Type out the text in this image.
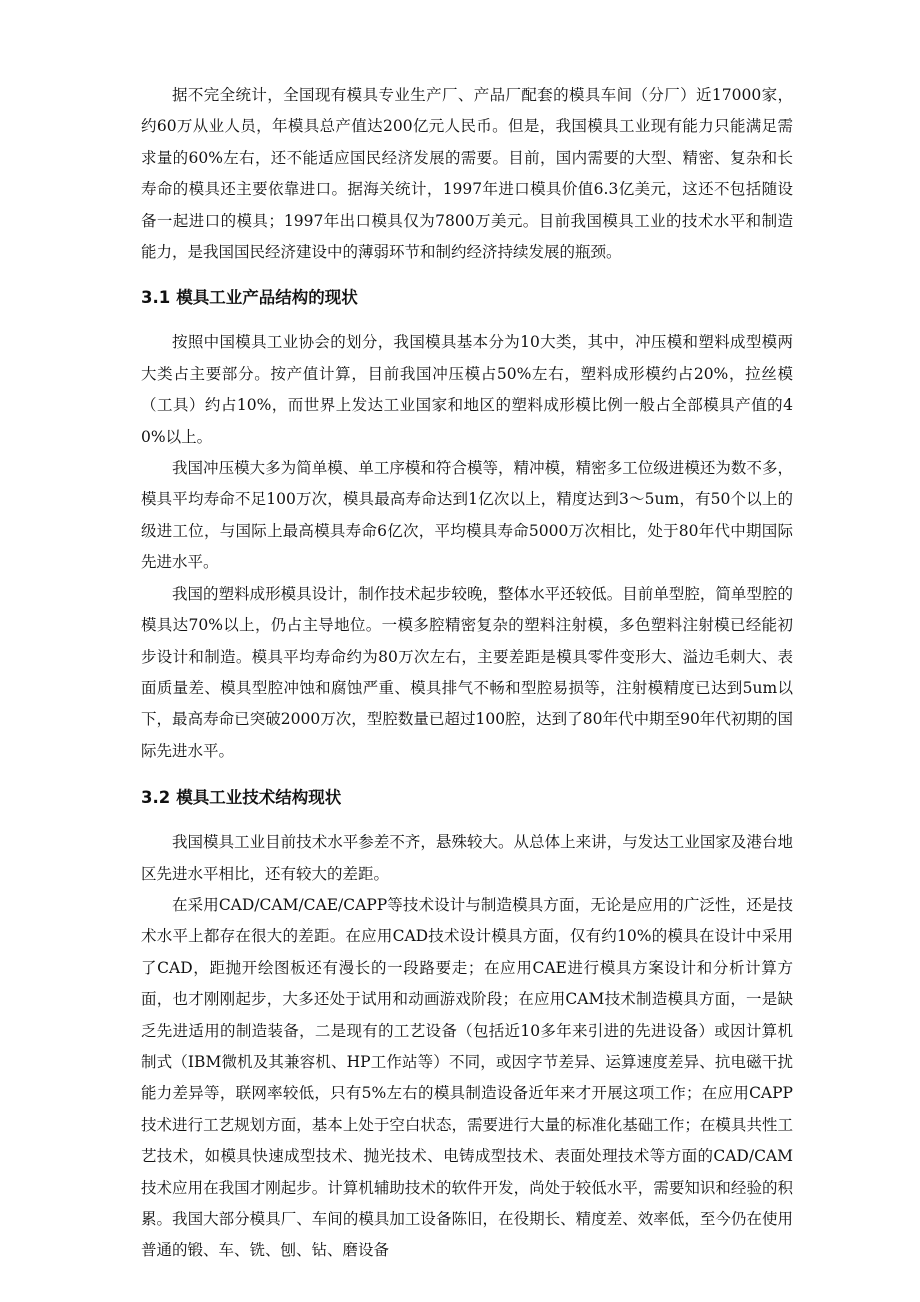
据不完全统计，全国现有模具专业生产厂、产品厂配套的模具车间（分厂）近17000家，约60万从业人员，年模具总产值达200亿元人民币。但是，我国模具工业现有能力只能满足需求量的60%左右，还不能适应国民经济发展的需要。目前，国内需要的大型、精密、复杂和长寿命的模具还主要依靠进口。据海关统计，1997年进口模具价值6.3亿美元，这还不包括随设备一起进口的模具；1997年出口模具仅为7800万美元。目前我国模具工业的技术水平和制造能力，是我国国民经济建设中的薄弱环节和制约经济持续发展的瓶颈。

3.1 模具工业产品结构的现状

按照中国模具工业协会的划分，我国模具基本分为10大类，其中，冲压模和塑料成型模两大类占主要部分。按产值计算，目前我国冲压模占50%左右，塑料成形模约占20%，拉丝模（工具）约占10%，而世界上发达工业国家和地区的塑料成形模比例一般占全部模具产值的40%以上。

我国冲压模大多为简单模、单工序模和符合模等，精冲模，精密多工位级进模还为数不多，模具平均寿命不足100万次，模具最高寿命达到1亿次以上，精度达到3～5um，有50个以上的级进工位，与国际上最高模具寿命6亿次，平均模具寿命5000万次相比，处于80年代中期国际先进水平。

我国的塑料成形模具设计，制作技术起步较晚，整体水平还较低。目前单型腔，简单型腔的模具达70%以上，仍占主导地位。一模多腔精密复杂的塑料注射模，多色塑料注射模已经能初步设计和制造。模具平均寿命约为80万次左右，主要差距是模具零件变形大、溢边毛刺大、表面质量差、模具型腔冲蚀和腐蚀严重、模具排气不畅和型腔易损等，注射模精度已达到5um以下，最高寿命已突破2000万次，型腔数量已超过100腔，达到了80年代中期至90年代初期的国际先进水平。

3.2 模具工业技术结构现状

我国模具工业目前技术水平参差不齐，悬殊较大。从总体上来讲，与发达工业国家及港台地区先进水平相比，还有较大的差距。

在采用CAD/CAM/CAE/CAPP等技术设计与制造模具方面，无论是应用的广泛性，还是技术水平上都存在很大的差距。在应用CAD技术设计模具方面，仅有约10%的模具在设计中采用了CAD，距抛开绘图板还有漫长的一段路要走；在应用CAE进行模具方案设计和分析计算方面，也才刚刚起步，大多还处于试用和动画游戏阶段；在应用CAM技术制造模具方面，一是缺乏先进适用的制造装备，二是现有的工艺设备（包括近10多年来引进的先进设备）或因计算机制式（IBM微机及其兼容机、HP工作站等）不同，或因字节差异、运算速度差异、抗电磁干扰能力差异等，联网率较低，只有5%左右的模具制造设备近年来才开展这项工作；在应用CAPP技术进行工艺规划方面，基本上处于空白状态，需要进行大量的标准化基础工作；在模具共性工艺技术，如模具快速成型技术、抛光技术、电铸成型技术、表面处理技术等方面的CAD/CAM技术应用在我国才刚起步。计算机辅助技术的软件开发，尚处于较低水平，需要知识和经验的积累。我国大部分模具厂、车间的模具加工设备陈旧，在役期长、精度差、效率低，至今仍在使用普通的锻、车、铣、刨、钻、磨设备
